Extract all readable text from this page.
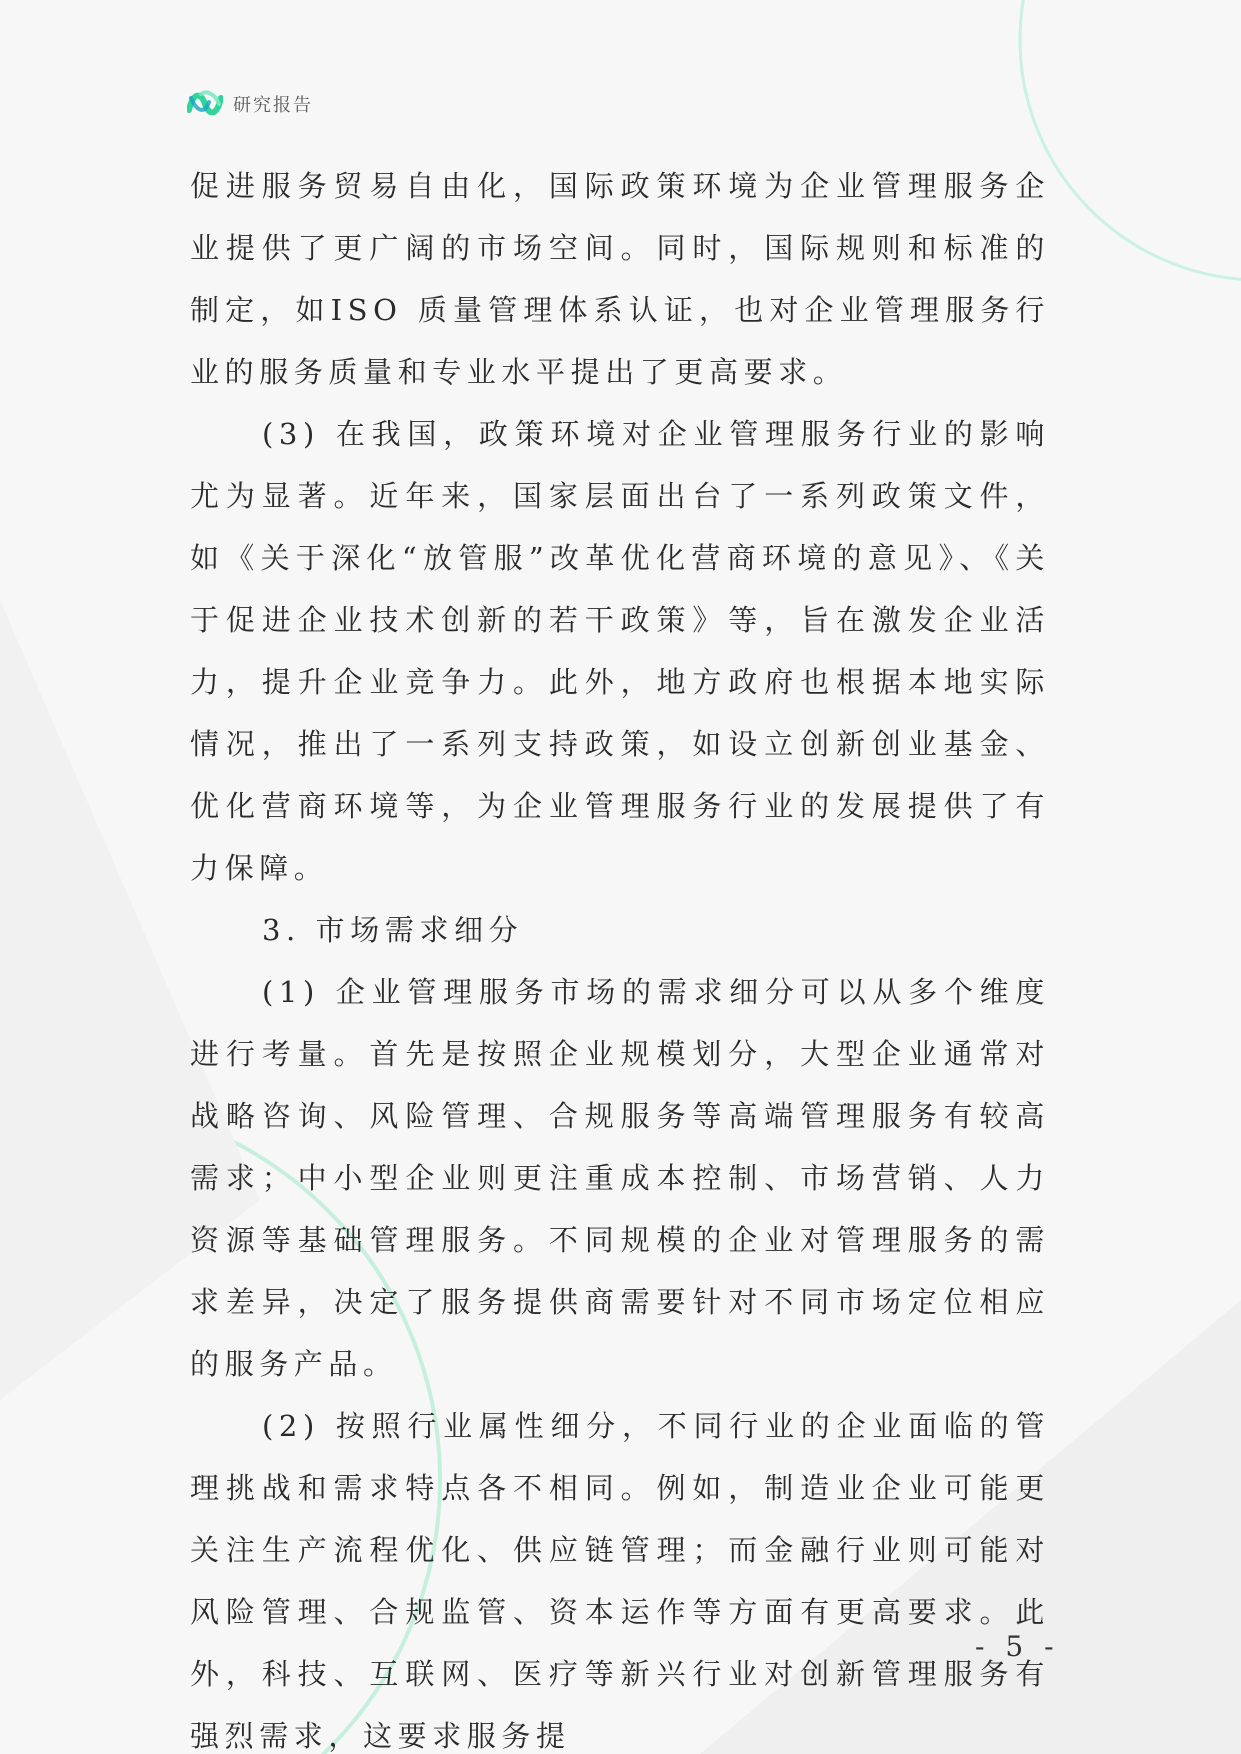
研究报告

促进服务贸易自由化，国际政策环境为企业管理服务企业提供了更广阔的市场空间。同时，国际规则和标准的制定，如ISO 质量管理体系认证，也对企业管理服务行业的服务质量和专业水平提出了更高要求。

(3) 在我国，政策环境对企业管理服务行业的影响尤为显著。近年来，国家层面出台了一系列政策文件，如《关于深化“放管服”改革优化营商环境的意见》、《关于促进企业技术创新的若干政策》等，旨在激发企业活力，提升企业竞争力。此外，地方政府也根据本地实际情况，推出了一系列支持政策，如设立创新创业基金、优化营商环境等，为企业管理服务行业的发展提供了有力保障。

3. 市场需求细分

(1) 企业管理服务市场的需求细分可以从多个维度进行考量。首先是按照企业规模划分，大型企业通常对战略咨询、风险管理、合规服务等高端管理服务有较高需求；中小型企业则更注重成本控制、市场营销、人力资源等基础管理服务。不同规模的企业对管理服务的需求差异，决定了服务提供商需要针对不同市场定位相应的服务产品。

(2) 按照行业属性细分，不同行业的企业面临的管理挑战和需求特点各不相同。例如，制造业企业可能更关注生产流程优化、供应链管理；而金融行业则可能对风险管理、合规监管、资本运作等方面有更高要求。此外，科技、互联网、医疗等新兴行业对创新管理服务有强烈需求，这要求服务提

- 5 -
